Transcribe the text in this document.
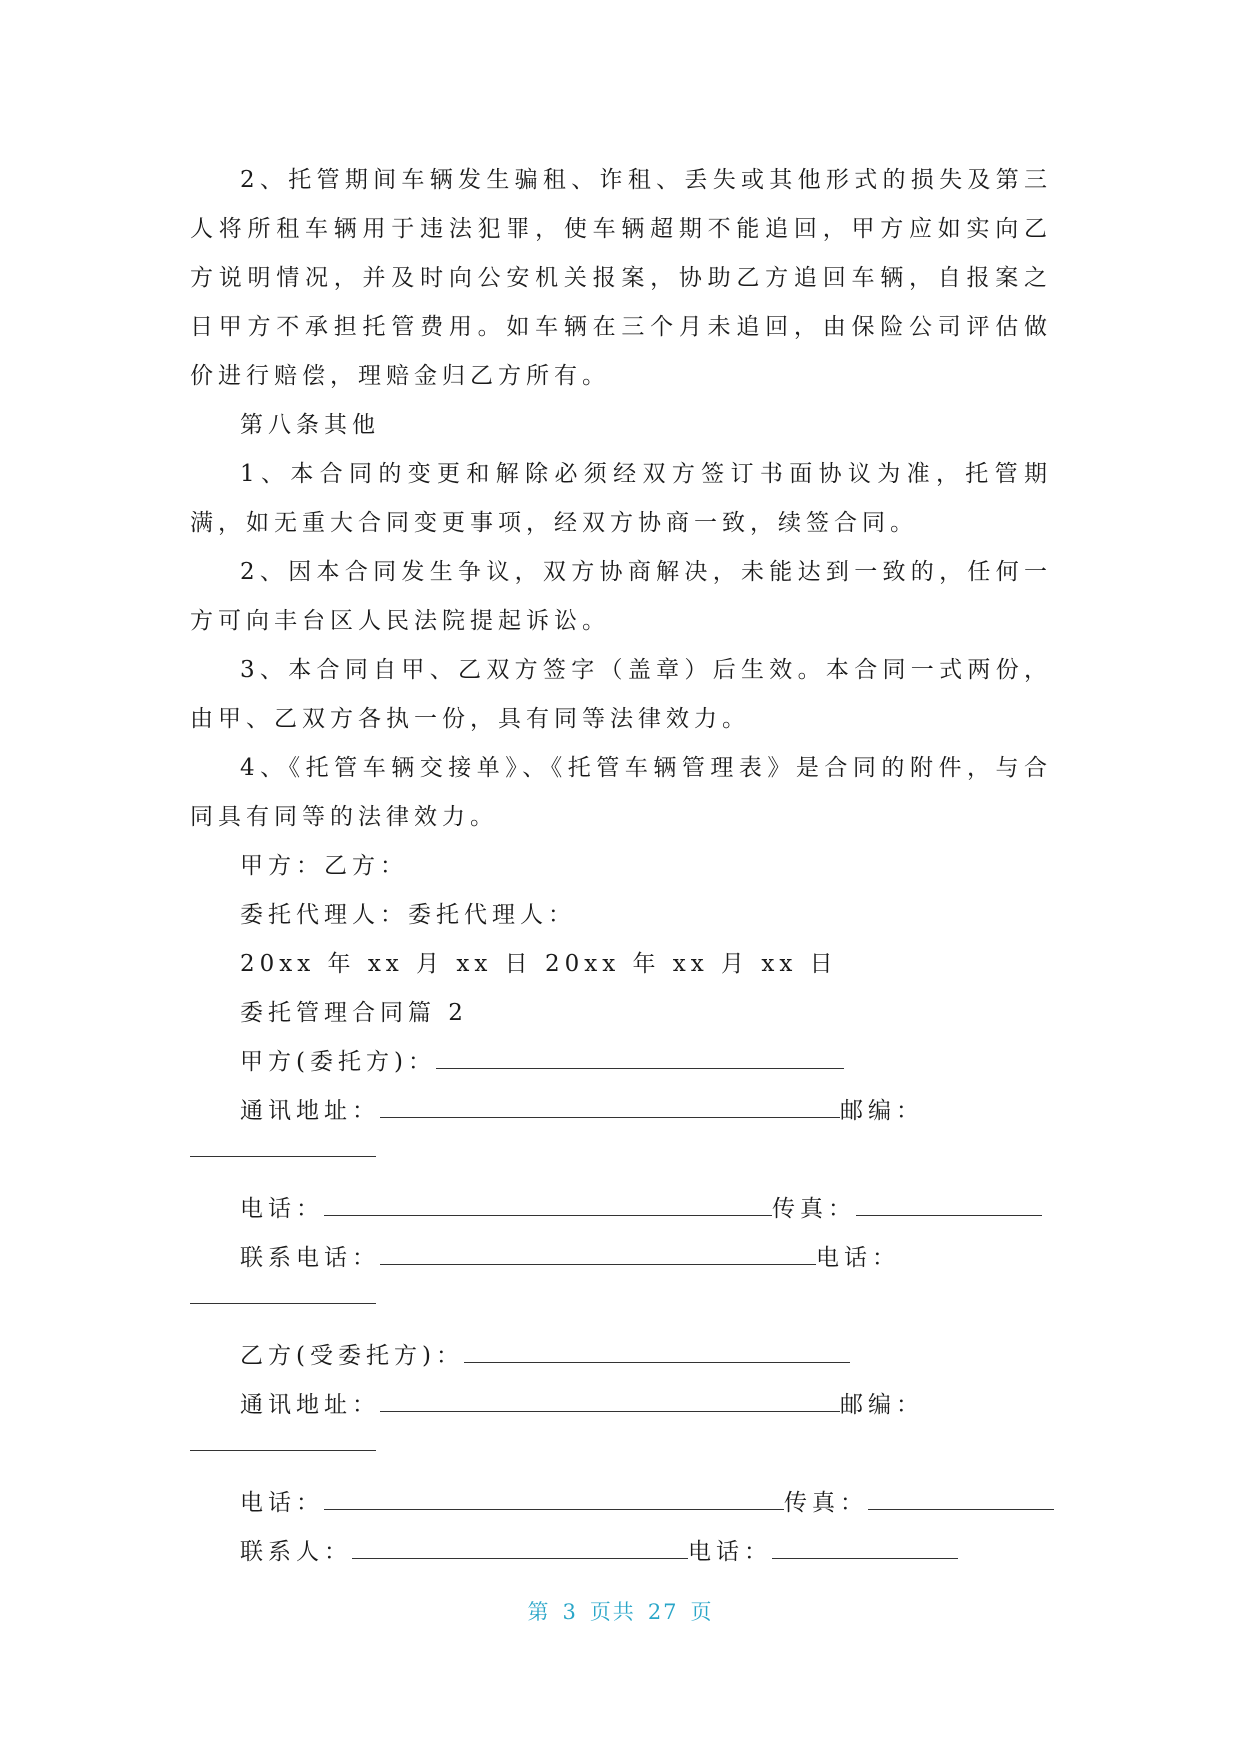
2、托管期间车辆发生骗租、诈租、丢失或其他形式的损失及第三人将所租车辆用于违法犯罪，使车辆超期不能追回，甲方应如实向乙方说明情况，并及时向公安机关报案，协助乙方追回车辆，自报案之日甲方不承担托管费用。如车辆在三个月未追回，由保险公司评估做价进行赔偿，理赔金归乙方所有。

第八条其他

1、本合同的变更和解除必须经双方签订书面协议为准，托管期满，如无重大合同变更事项，经双方协商一致，续签合同。

2、因本合同发生争议，双方协商解决，未能达到一致的，任何一方可向丰台区人民法院提起诉讼。

3、本合同自甲、乙双方签字（盖章）后生效。本合同一式两份，由甲、乙双方各执一份，具有同等法律效力。

4、《托管车辆交接单》、《托管车辆管理表》是合同的附件，与合同具有同等的法律效力。

甲方：乙方：

委托代理人：委托代理人：

20xx 年 xx 月 xx 日 20xx 年 xx 月 xx 日

委托管理合同篇 2

甲方(委托方)：
通讯地址：	邮编：
电话：	传真：
联系电话：	电话：
乙方(受委托方)：
通讯地址：	邮编：
电话：	传真：
联系人：	电话：
第 3 页共 27 页
